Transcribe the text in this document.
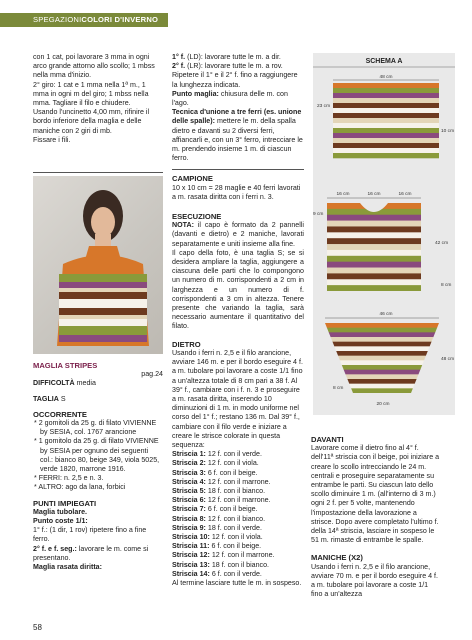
SPEGAZIONICOLORI D'INVERNO

con 1 cat, poi lavorare 3 mma in ogni arco grande attorno allo scollo; 1 mbss nella mma d'inizio.

2° giro: 1 cat e 1 mma nella 1ª m., 1 mma in ogni m del giro; 1 mbss nella mma. Tagliare il filo e chiudere.

Usando l'uncinetto 4,00 mm, rifinire il bordo inferiore della maglia e delle maniche con 2 giri di mb.

Fissare i fili.

MAGLIA STRIPES

pag.24

DIFFICOLTÀ media

TAGLIA S

OCCORRENTE

* 2 gomitoli da 25 g. di filato VIVIENNE by SESIA, col. 1767 arancione

* 1 gomitolo da 25 g. di filato VIVIENNE by SESIA per ognuno dei seguenti col.: bianco 80, beige 349, viola 5025, verde 1820, marrone 1916.

* FERRI: n. 2,5 e n. 3.

* ALTRO: ago da lana, forbici

PUNTI IMPIEGATI

Maglia tubolare.

Punto coste 1/1:

1° f.: (1 dir, 1 rov) ripetere fino a fine ferro.

2° f. e f. seg.: lavorare le m. come si presentano.

Maglia rasata diritta:

1° f. (LD): lavorare tutte le m. a dir.

2° f. (LR): lavorare tutte le m. a rov.

Ripetere il 1° e il 2° f. fino a raggiungere la lunghezza indicata.

Punto maglia: chiusura delle m. con l'ago.

Tecnica d'unione a tre ferri (es. unione delle spalle): mettere le m. della spalla dietro e davanti su 2 diversi ferri, affiancarli e, con un 3° ferro, intrecciare le m. prendendo insieme 1 m. di ciascun ferro.

CAMPIONE

10 x 10 cm = 28 maglie e 40 ferri lavorati a m. rasata diritta con i ferri n. 3.

ESECUZIONE

NOTA: il capo è formato da 2 pannelli (davanti e dietro) e 2 maniche, lavorati separatamente e uniti insieme alla fine.

Il capo della foto, è una taglia S; se si desidera ampliare la taglia, aggiungere a ciascuna delle parti che lo compongono un numero di m. corrispondenti a 2 cm in larghezza e un numero di f. corrispondenti a 3 cm in altezza. Tenere presente che variando la taglia, sarà necessario aumentare il quantitativo del filato.

DIETRO

Usando i ferri n. 2,5 e il filo arancione, avviare 146 m. e per il bordo eseguire 4 f. a m. tubolare poi lavorare a coste 1/1 fino a un'altezza totale di 8 cm pari a 38 f. Al 39° f., cambiare con i f. n. 3 e proseguire a m. rasata diritta, inserendo 10 diminuzioni di 1 m. in modo uniforme nel corso del 1° f.; restano 136 m. Dal 39° f., cambiare con il filo verde e iniziare a creare le strisce colorate in questa sequenza:

Striscia 1: 12 f. con il verde.

Striscia 2: 12 f. con il viola.

Striscia 3: 6 f. con il beige.

Striscia 4: 12 f. con il marrone.

Striscia 5: 18 f. con il bianco.

Striscia 6: 12 f. con il marrone.

Striscia 7: 6 f. con il beige.

Striscia 8: 12 f. con il bianco.

Striscia 9: 18 f. con il verde.

Striscia 10: 12 f. con il viola.

Striscia 11: 6 f. con il beige.

Striscia 12: 12 f. con il marrone.

Striscia 13: 18 f. con il bianco.

Striscia 14: 6 f. con il verde.

Al termine lasciare tutte le m. in sospeso.

SCHEMA A
48 cm
23 cm
10 cm
16 cm	16 cm	16 cm
9 cm
42 cm
8 cm
46 cm
48 cm
8 cm
20 cm

DAVANTI

Lavorare come il dietro fino al 4° f. dell'11ª striscia con il beige, poi iniziare a creare lo scollo intrecciando le 24 m. centrali e proseguire separatamente su entrambe le parti. Su ciascun lato dello scollo diminuire 1 m. (all'interno di 3 m.) ogni 2 f. per 5 volte, mantenendo l'impostazione della lavorazione a strisce. Dopo avere completato l'ultimo f. della 14ª striscia, lasciare in sospeso le 51 m. rimaste di entrambe le spalle.

MANICHE (X2)

Usando i ferri n. 2,5 e il filo arancione, avviare 70 m. e per il bordo eseguire 4 f. a m. tubolare poi lavorare a coste 1/1 fino a un'altezza

58
